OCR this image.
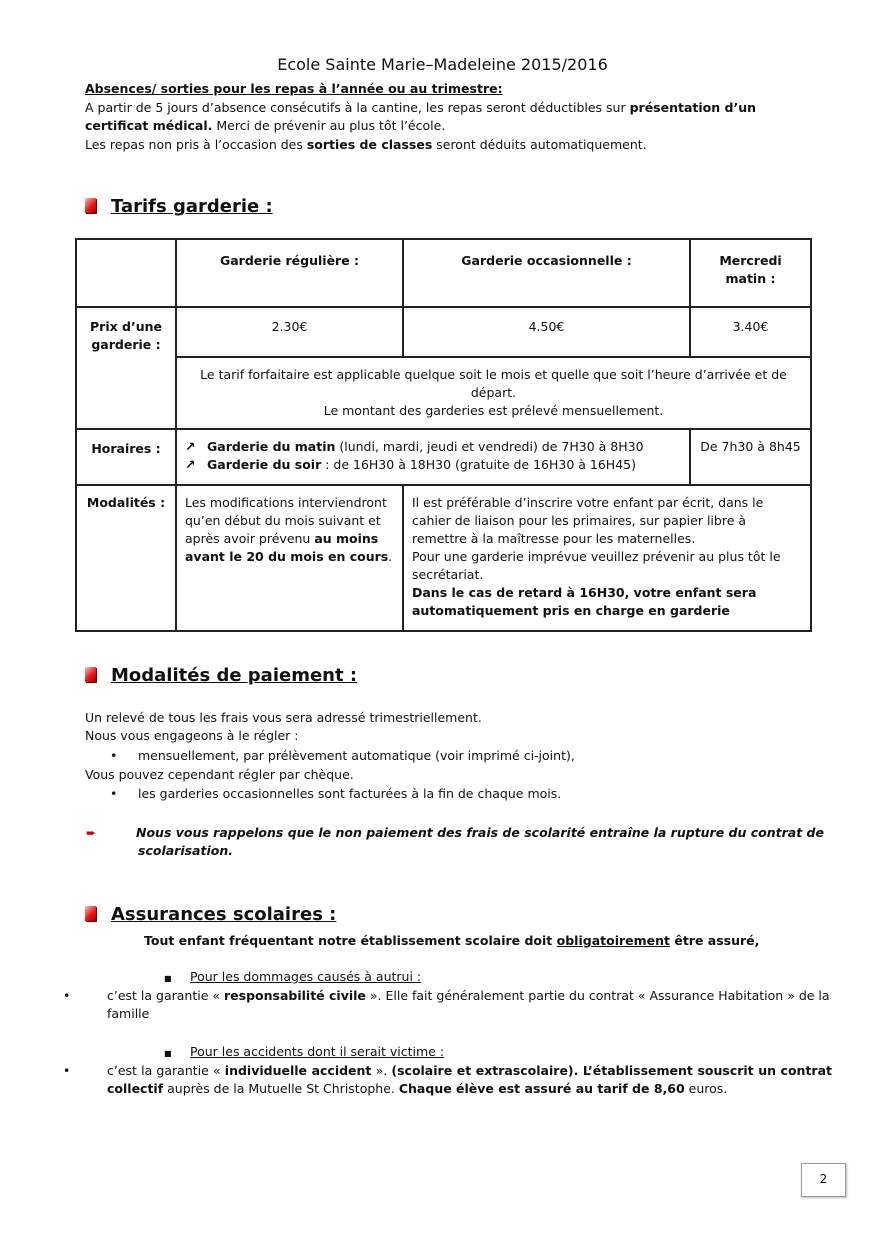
Ecole Sainte Marie–Madeleine 2015/2016
Absences/ sorties pour les repas à l’année ou au trimestre:
A partir de 5 jours d’absence consécutifs à la cantine, les repas seront déductibles sur présentation d’un certificat médical. Merci de prévenir au plus tôt l’école.
Les repas non pris à l’occasion des sorties de classes seront déduits automatiquement.
Tarifs garderie :
	Garderie régulière :	Garderie occasionnelle :	Mercredi matin :
Prix d’une garderie :	2.30€	4.50€	3.40€

	Le tarif forfaitaire est applicable quelque soit le mois et quelle que soit l’heure d’arrivée et de départ.
Le montant des garderies est prélevé mensuellement.		

Horaires :	↗ Garderie du matin (lundi, mardi, jeudi et vendredi) de 7H30 à 8H30
↗ Garderie du soir : de 16H30 à 18H30 (gratuite de 16H30 à 16H45)		De 7h30 à 8h45
Modalités :	Les modifications interviendront qu’en début du mois suivant et après avoir prévenu au moins avant le 20 du mois en cours.	Il est préférable d’inscrire votre enfant par écrit, dans le cahier de liaison pour les primaires, sur papier libre à remettre à la maîtresse pour les maternelles.
Pour une garderie imprévue veuillez prévenir au plus tôt le secrétariat.
Dans le cas de retard à 16H30, votre enfant sera automatiquement pris en charge en garderie	
Modalités de paiement :
Un relevé de tous les frais vous sera adressé trimestriellement.
Nous vous engageons à le régler :
• mensuellement, par prélèvement automatique (voir imprimé ci-joint),
Vous pouvez cependant régler par chèque.
• les garderies occasionnelles sont facturées à la fin de chaque mois.
➨	Nous vous rappelons que le non paiement des frais de scolarité entraîne la rupture du contrat de scolarisation.
Assurances scolaires :
Tout enfant fréquentant notre établissement scolaire doit obligatoirement être assuré,
■ Pour les dommages causés à autrui :
•	c’est la garantie « responsabilité civile ». Elle fait généralement partie du contrat « Assurance Habitation » de la famille
■ Pour les accidents dont il serait victime :
•	c’est la garantie « individuelle accident ». (scolaire et extrascolaire). L’établissement souscrit un contrat collectif auprès de la Mutuelle St Christophe. Chaque élève est assuré au tarif de 8,60 euros.
2
